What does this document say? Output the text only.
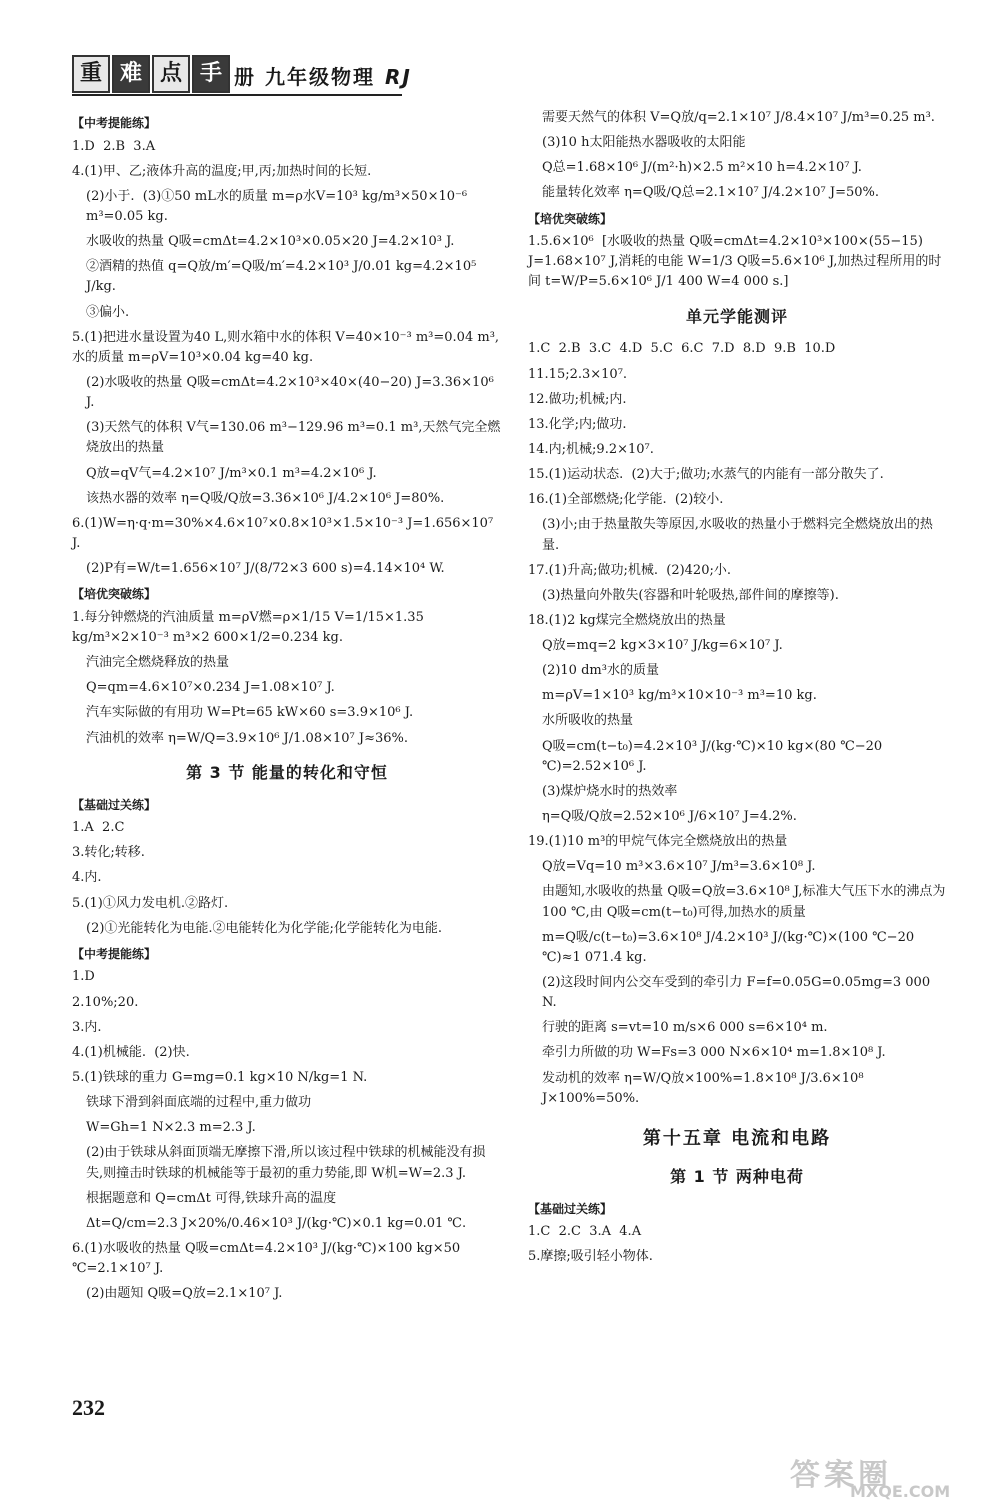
重 难 点 手 册 九年级物理 RJ
【中考提能练】

1.D  2.B  3.A

4.(1)甲、乙;液体升高的温度;甲,丙;加热时间的长短.

(2)小于.  (3)①50 mL水的质量 m=ρ水V=10³ kg/m³×50×10⁻⁶ m³=0.05 kg.

水吸收的热量 Q吸=cmΔt=4.2×10³×0.05×20 J=4.2×10³ J.

②酒精的热值 q=Q放/m′=Q吸/m′=4.2×10³ J/0.01 kg=4.2×10⁵ J/kg.

③偏小.

5.(1)把进水量设置为40 L,则水箱中水的体积 V=40×10⁻³ m³=0.04 m³,水的质量 m=ρV=10³×0.04 kg=40 kg.

(2)水吸收的热量 Q吸=cmΔt=4.2×10³×40×(40−20) J=3.36×10⁶ J.

(3)天然气的体积 V气=130.06 m³−129.96 m³=0.1 m³,天然气完全燃烧放出的热量

Q放=qV气=4.2×10⁷ J/m³×0.1 m³=4.2×10⁶ J.

该热水器的效率 η=Q吸/Q放=3.36×10⁶ J/4.2×10⁶ J=80%.

6.(1)W=η·q·m=30%×4.6×10⁷×0.8×10³×1.5×10⁻³ J=1.656×10⁷ J.

(2)P有=W/t=1.656×10⁷ J/(8/72×3 600 s)=4.14×10⁴ W.

【培优突破练】

1.每分钟燃烧的汽油质量 m=ρV燃=ρ×1/15 V=1/15×1.35 kg/m³×2×10⁻³ m³×2 600×1/2=0.234 kg.

汽油完全燃烧释放的热量

Q=qm=4.6×10⁷×0.234 J=1.08×10⁷ J.

汽车实际做的有用功 W=Pt=65 kW×60 s=3.9×10⁶ J.

汽油机的效率 η=W/Q=3.9×10⁶ J/1.08×10⁷ J≈36%.

第 3 节 能量的转化和守恒
【基础过关练】

1.A  2.C

3.转化;转移.

4.内.

5.(1)①风力发电机.②路灯.

(2)①光能转化为电能.②电能转化为化学能;化学能转化为电能.

【中考提能练】

1.D

2.10%;20.

3.内.

4.(1)机械能.  (2)快.

5.(1)铁球的重力 G=mg=0.1 kg×10 N/kg=1 N.

铁球下滑到斜面底端的过程中,重力做功

W=Gh=1 N×2.3 m=2.3 J.

(2)由于铁球从斜面顶端无摩擦下滑,所以该过程中铁球的机械能没有损失,则撞击时铁球的机械能等于最初的重力势能,即 W机=W=2.3 J.

根据题意和 Q=cmΔt 可得,铁球升高的温度

Δt=Q/cm=2.3 J×20%/0.46×10³ J/(kg·℃)×0.1 kg=0.01 ℃.

6.(1)水吸收的热量 Q吸=cmΔt=4.2×10³ J/(kg·℃)×100 kg×50 ℃=2.1×10⁷ J.

(2)由题知 Q吸=Q放=2.1×10⁷ J.

需要天然气的体积 V=Q放/q=2.1×10⁷ J/8.4×10⁷ J/m³=0.25 m³.

(3)10 h太阳能热水器吸收的太阳能

Q总=1.68×10⁶ J/(m²·h)×2.5 m²×10 h=4.2×10⁷ J.

能量转化效率 η=Q吸/Q总=2.1×10⁷ J/4.2×10⁷ J=50%.

【培优突破练】

1.5.6×10⁶  [水吸收的热量 Q吸=cmΔt=4.2×10³×100×(55−15) J=1.68×10⁷ J,消耗的电能 W=1/3 Q吸=5.6×10⁶ J,加热过程所用的时间 t=W/P=5.6×10⁶ J/1 400 W=4 000 s.]

单元学能测评

1.C  2.B  3.C  4.D  5.C  6.C  7.D  8.D  9.B  10.D

11.15;2.3×10⁷.

12.做功;机械;内.

13.化学;内;做功.

14.内;机械;9.2×10⁷.

15.(1)运动状态.  (2)大于;做功;水蒸气的内能有一部分散失了.

16.(1)全部燃烧;化学能.  (2)较小.

(3)小;由于热量散失等原因,水吸收的热量小于燃料完全燃烧放出的热量.

17.(1)升高;做功;机械.  (2)420;小.

(3)热量向外散失(容器和叶轮吸热,部件间的摩擦等).

18.(1)2 kg煤完全燃烧放出的热量

Q放=mq=2 kg×3×10⁷ J/kg=6×10⁷ J.

(2)10 dm³水的质量

m=ρV=1×10³ kg/m³×10×10⁻³ m³=10 kg.

水所吸收的热量

Q吸=cm(t−t₀)=4.2×10³ J/(kg·℃)×10 kg×(80 ℃−20 ℃)=2.52×10⁶ J.

(3)煤炉烧水时的热效率

η=Q吸/Q放=2.52×10⁶ J/6×10⁷ J=4.2%.

19.(1)10 m³的甲烷气体完全燃烧放出的热量

Q放=Vq=10 m³×3.6×10⁷ J/m³=3.6×10⁸ J.

由题知,水吸收的热量 Q吸=Q放=3.6×10⁸ J,标准大气压下水的沸点为100 ℃,由 Q吸=cm(t−t₀)可得,加热水的质量

m=Q吸/c(t−t₀)=3.6×10⁸ J/4.2×10³ J/(kg·℃)×(100 ℃−20 ℃)≈1 071.4 kg.

(2)这段时间内公交车受到的牵引力 F=f=0.05G=0.05mg=3 000 N.

行驶的距离 s=vt=10 m/s×6 000 s=6×10⁴ m.

牵引力所做的功 W=Fs=3 000 N×6×10⁴ m=1.8×10⁸ J.

发动机的效率 η=W/Q放×100%=1.8×10⁸ J/3.6×10⁸ J×100%=50%.

第十五章 电流和电路
第 1 节 两种电荷
【基础过关练】

1.C  2.C  3.A  4.A

5.摩擦;吸引轻小物体.

232
答案圈
MXQE.COM
